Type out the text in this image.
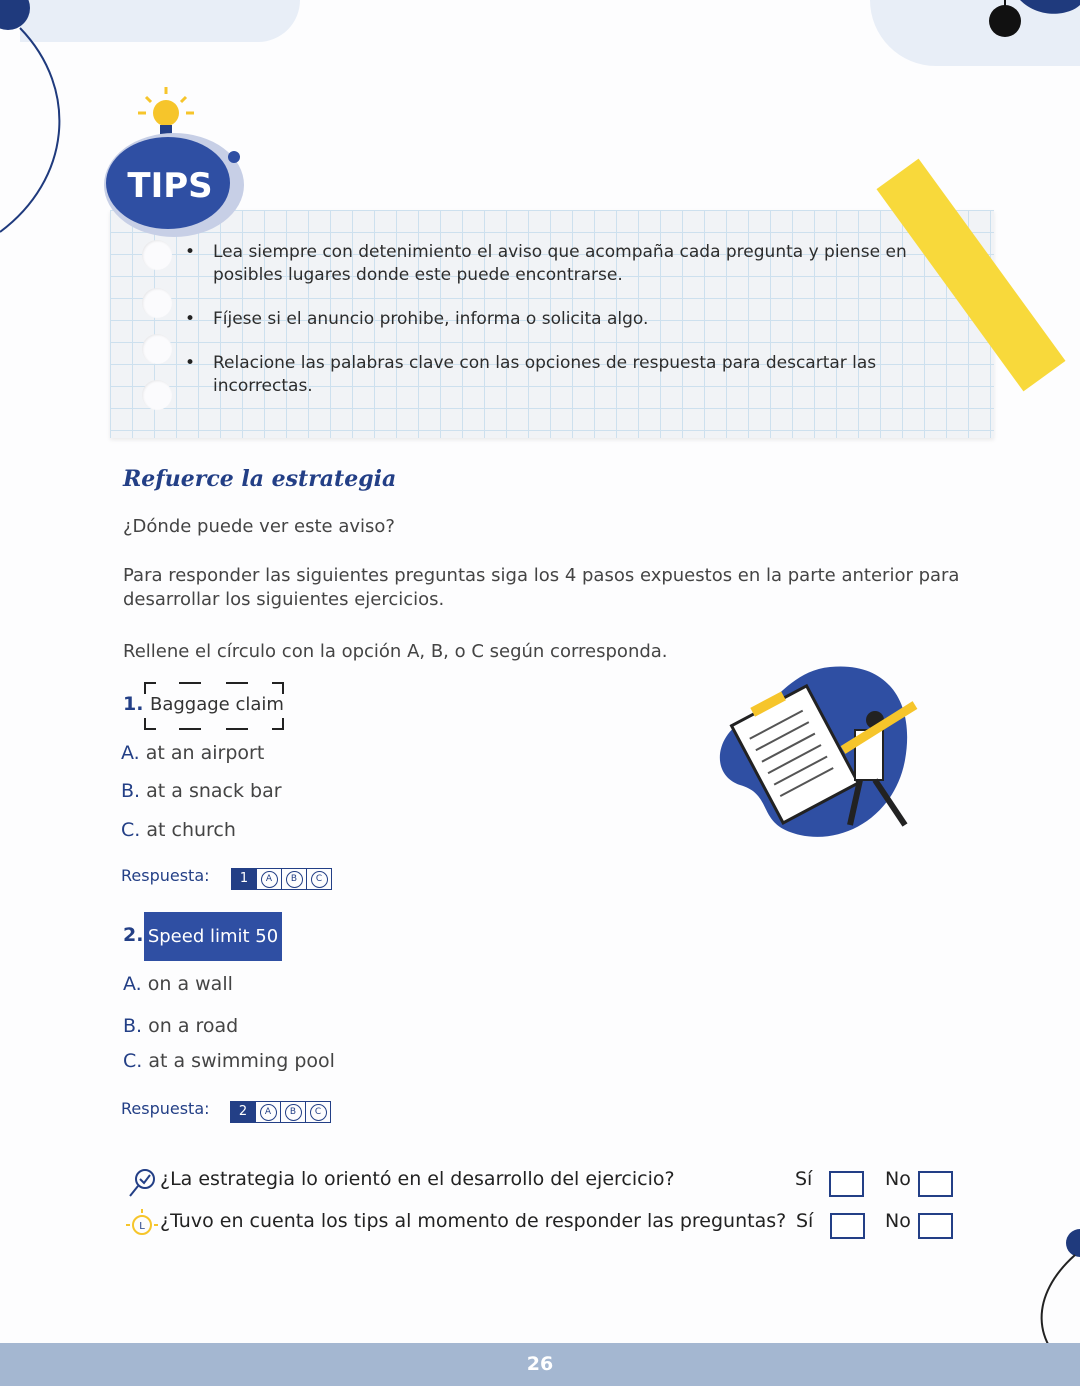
TIPS
• Lea siempre con detenimiento el aviso que acompaña cada pregunta y piense en posibles lugares donde este puede encontrarse.
• Fíjese si el anuncio prohibe, informa o solicita algo.
• Relacione las palabras clave con las opciones de respuesta para descartar las incorrectas.
Refuerce la estrategia
¿Dónde puede ver este aviso?
Para responder las siguientes preguntas siga los 4 pasos expuestos en la parte anterior para desarrollar los siguientes ejercicios.
Rellene el círculo con la opción A, B, o C según corresponda.
1. Baggage claim
A. at an airport
B. at a snack bar
C. at church
Respuesta:	1	A	B	C
2. Speed limit 50
A. on a wall
B. on a road
C. at a swimming pool
Respuesta:	2	A	B	C
¿La estrategia lo orientó en el desarrollo del ejercicio?	Sí	No
L ¿Tuvo en cuenta los tips al momento de responder las preguntas? Sí	No
26
